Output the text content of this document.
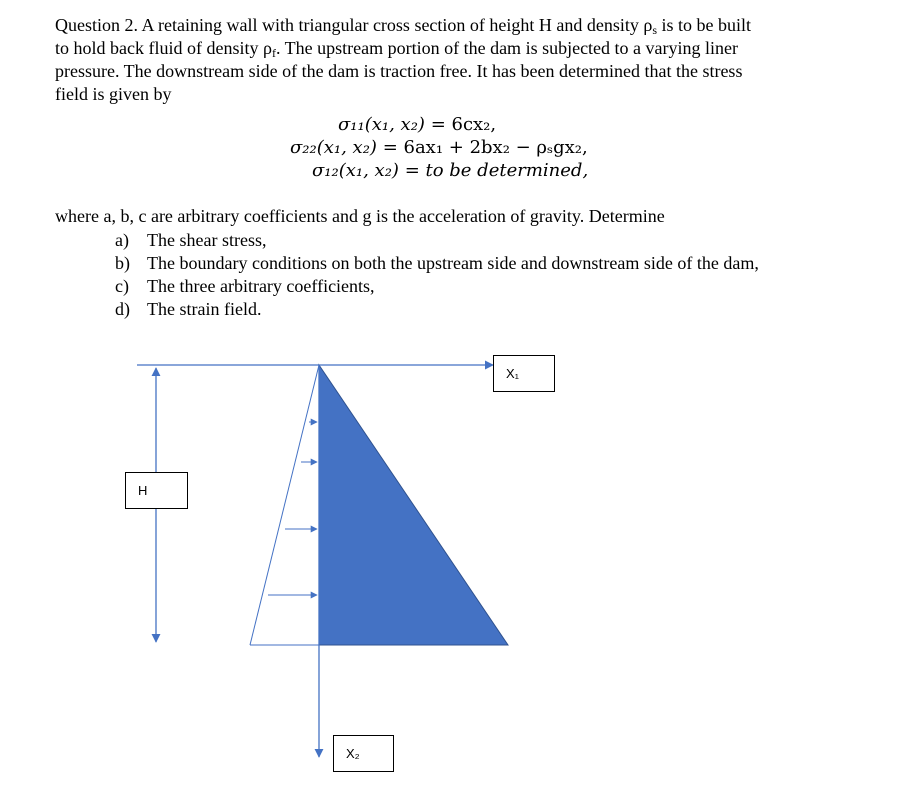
Question 2. A retaining wall with triangular cross section of height H and density $\rho_s$ is to be built
to hold back fluid of density $\rho_f$. The upstream portion of the dam is subjected to a varying liner
pressure. The downstream side of the dam is traction free. It has been determined that the stress
field is given by
σ₁₁(x₁, x₂) = 6cx₂,
σ₂₂(x₁, x₂) = 6ax₁ + 2bx₂ − ρₛgx₂,
σ₁₂(x₁, x₂) = to be determined,
where a, b, c are arbitrary coefficients and g is the acceleration of gravity. Determine
a) The shear stress,
b) The boundary conditions on both the upstream side and downstream side of the dam,
c) The three arbitrary coefficients,
d) The strain field.
X₁
H
X₂
